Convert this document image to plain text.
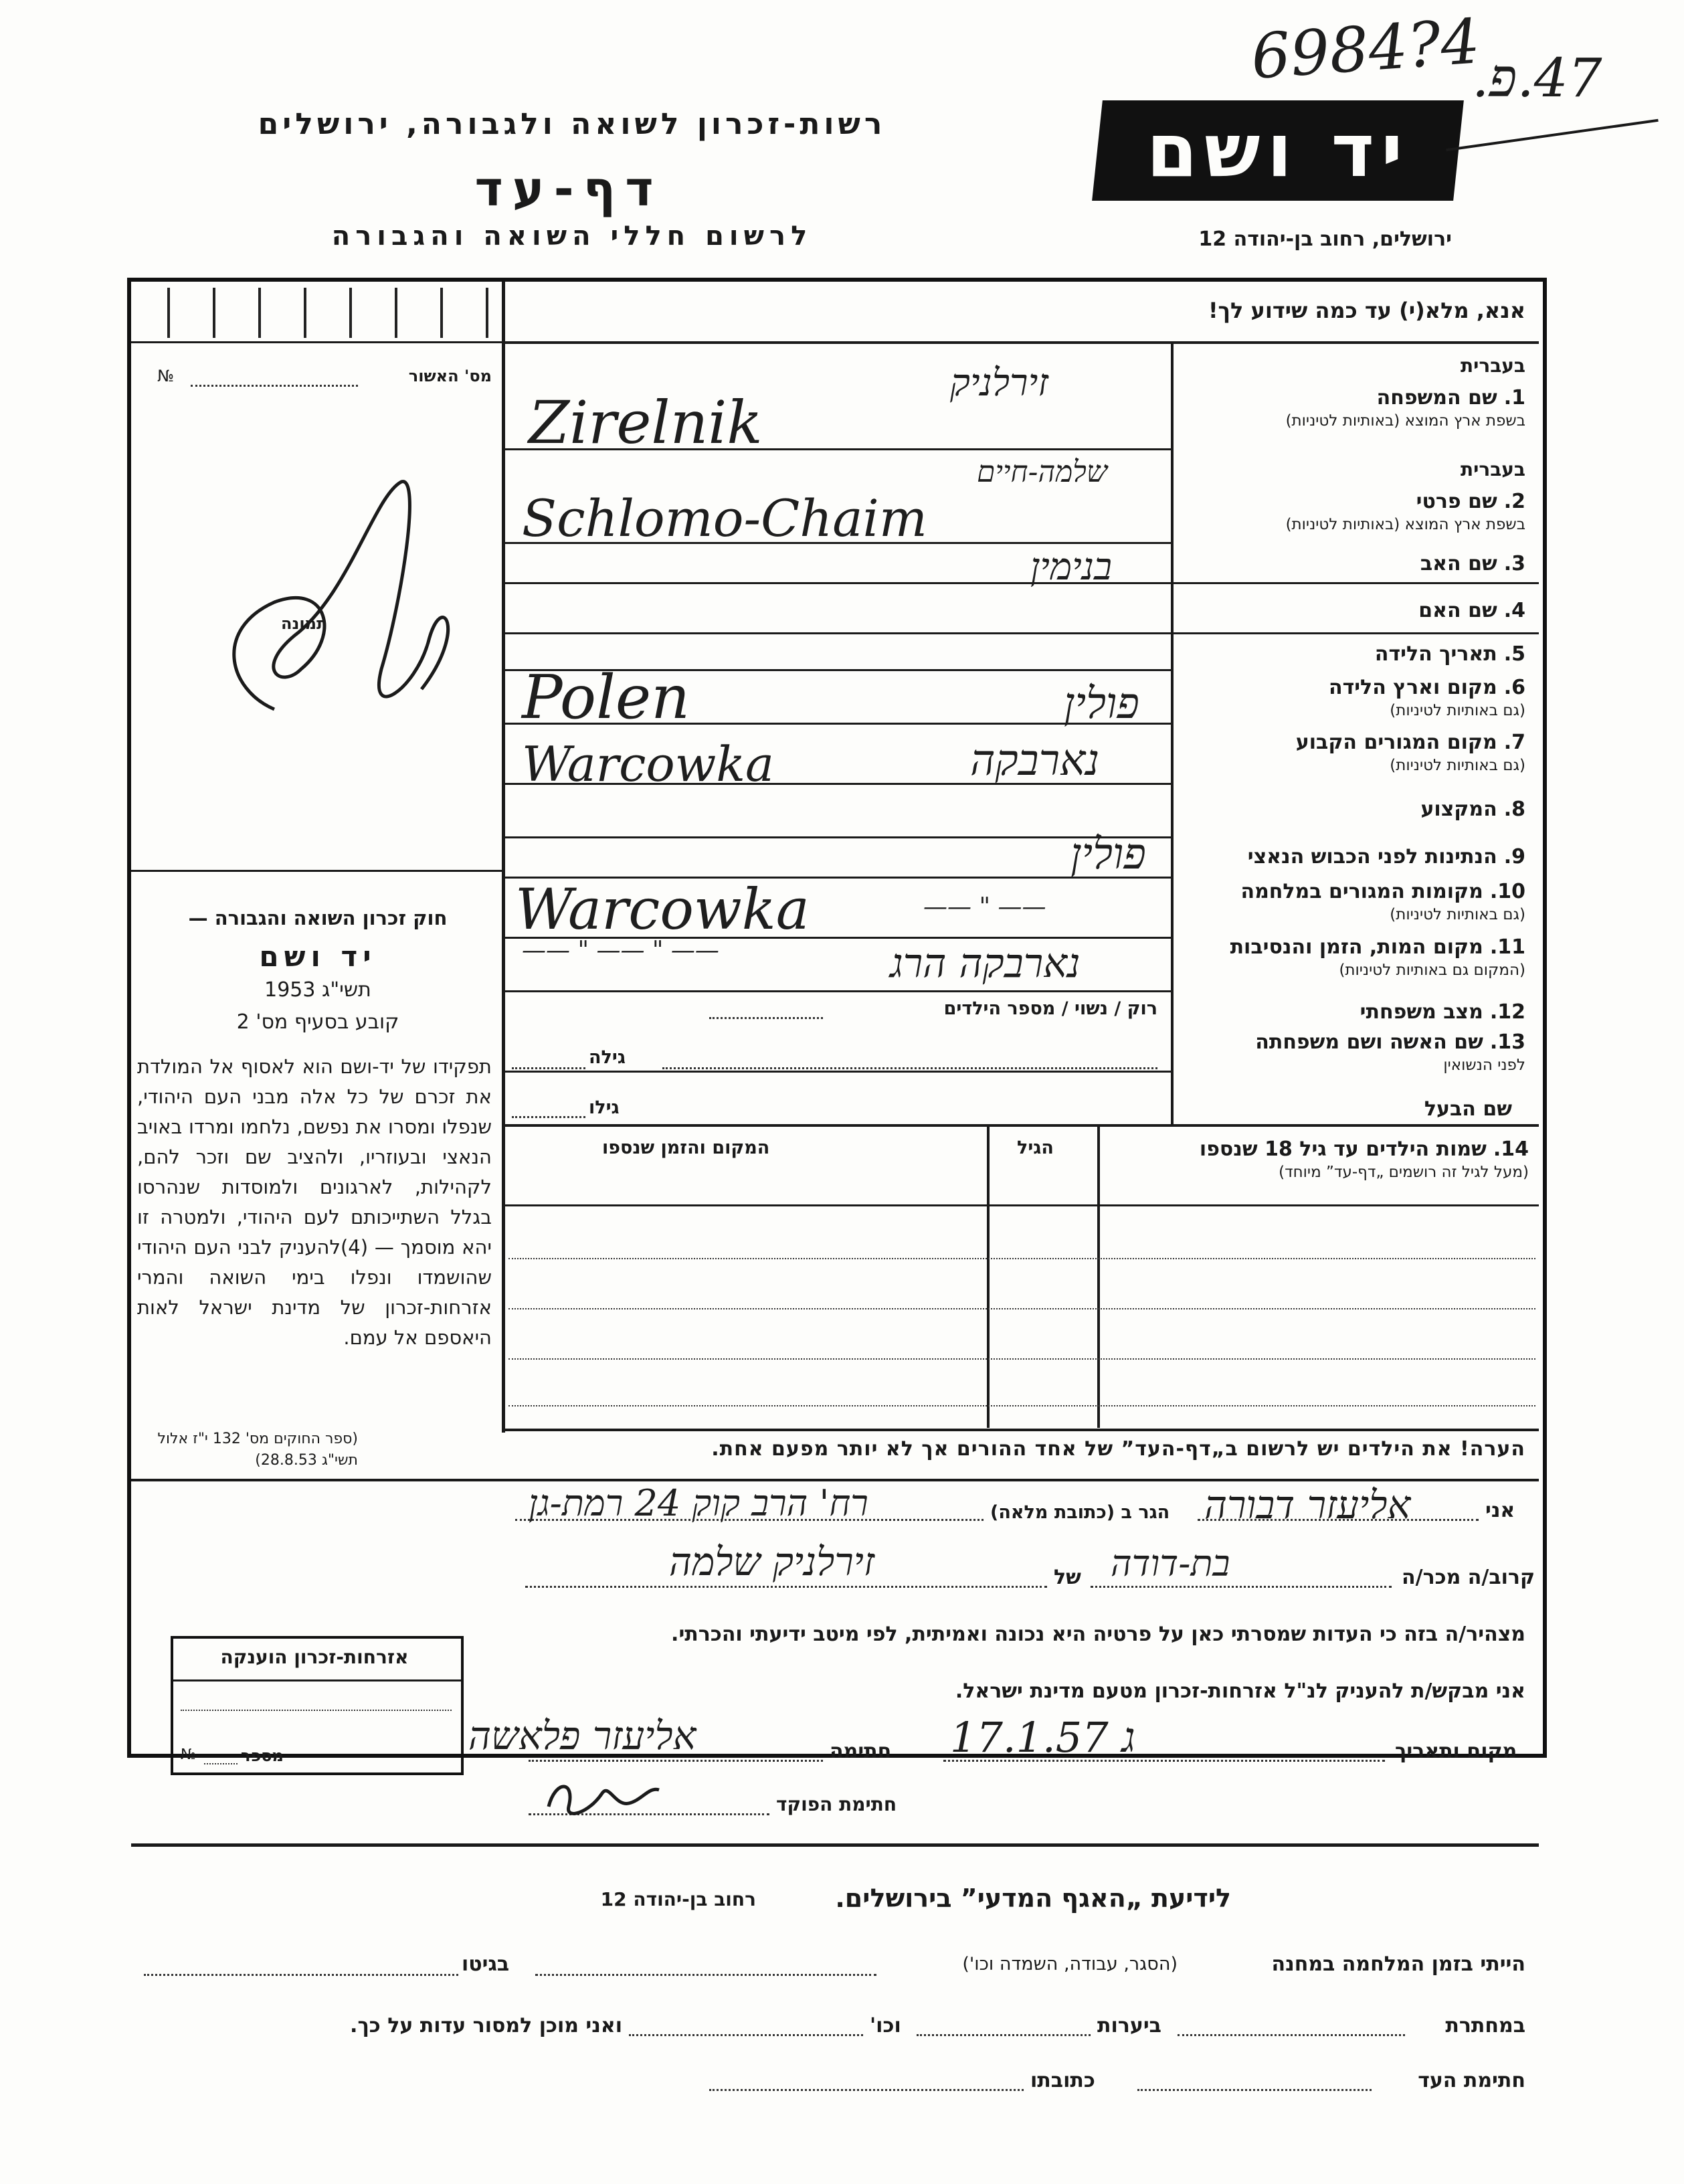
רשות-זכרון לשואה ולגבורה, ירושלים
דף-עד
לרשום חללי השואה והגבורה
יד ושם
ירושלים, רחוב בן-יהודה 12
6984?4
47.פ.
אנא, מלא(י) עד כמה שידוע לך!
מס' האשור
№
תמונה
חוק זכרון השואה והגבורה —
יד ושם
תשי"ג 1953
קובע בסעיף מס' 2
תפקידו של יד-ושם הוא לאסוף אל המולדת את זכרם של כל אלה מבני העם היהודי, שנפלו ומסרו את נפשם, נלחמו ומרדו באויב הנאצי ובעוזריו, ולהציב שם וזכר להם, לקהילות, לארגונים ולמוסדות שנהרסו בגלל השתייכותם לעם היהודי, ולמטרה זו יהא מוסמך — (4)להעניק לבני העם היהודי שהושמדו ונפלו בימי השואה והמרי אזרחות-זכרון של מדינת ישראל לאות היאספם אל עמם.
(ספר החוקים מס' 132 י"ז אלול תשי"ג 28.8.53)
בעברית
1.שם המשפחה
בשפת ארץ המוצא (באותיות לטיניות)
זירלניק
Zirelnik
בעברית
2.שם פרטי
בשפת ארץ המוצא (באותיות לטיניות)
שלמה-חיים
Schlomo-Chaim
3.שם האב
בנימין
4.שם האם
5.תאריך הלידה
6.מקום וארץ הלידה
(גם באותיות לטיניות)
פולין
Polen
7.מקום המגורים הקבוע
(גם באותיות לטיניות)
נארבקה
Warcowka
8.המקצוע
9.הנתינות לפני הכבוש הנאצי
פולין
10.מקומות המגורים במלחמה
(גם באותיות לטיניות)
Warcowka	—— " ——
11.מקום המות, הזמן והנסיבות
(המקום גם באותיות לטיניות)
נארבקה הרג
—— " —— " ——
12.מצב משפחתי
רוק / נשוי / מספר הילדים
13.שם האשה ושם משפחתה
לפני הנשואין
גילה
שם הבעל
גילו
14.שמות הילדים עד גיל 18 שנספו
(מעל לגיל זה רושמים „דף-עד” מיוחד)
הגיל
המקום והזמן שנספו
הערה! את הילדים יש לרשום ב„דף-העד” של אחד ההורים אך לא יותר מפעם אחת.
אני
אליעזר דבורה
הגר ב (כתובת מלאה)
רח' הרב קוק 24 רמת-גן
קרוב/ה מכר/ה
בת-דודה
של
זירלניק שלמה
מצהיר/ה בזה כי העדות שמסרתי כאן על פרטיה היא נכונה ואמיתית, לפי מיטב ידיעתי והכרתי.
אני מבקש/ת להעניק לנ"ל אזרחות-זכרון מטעם מדינת ישראל.
מקום ותאריך
ג 17.1.57
חתימה
אליעזר פלאשה
חתימת הפוקד
אזרחות-זכרון הוענקה
מספר
№
לידיעת „האגף המדעי” בירושלים.
רחוב בן-יהודה 12
הייתי בזמן המלחמה במחנה
(הסגר, עבודה, השמדה וכו')
בגיטו
במחתרת
ביערות
וכו'
ואני מוכן למסור עדות על כך.
חתימת העד
כתובתו
